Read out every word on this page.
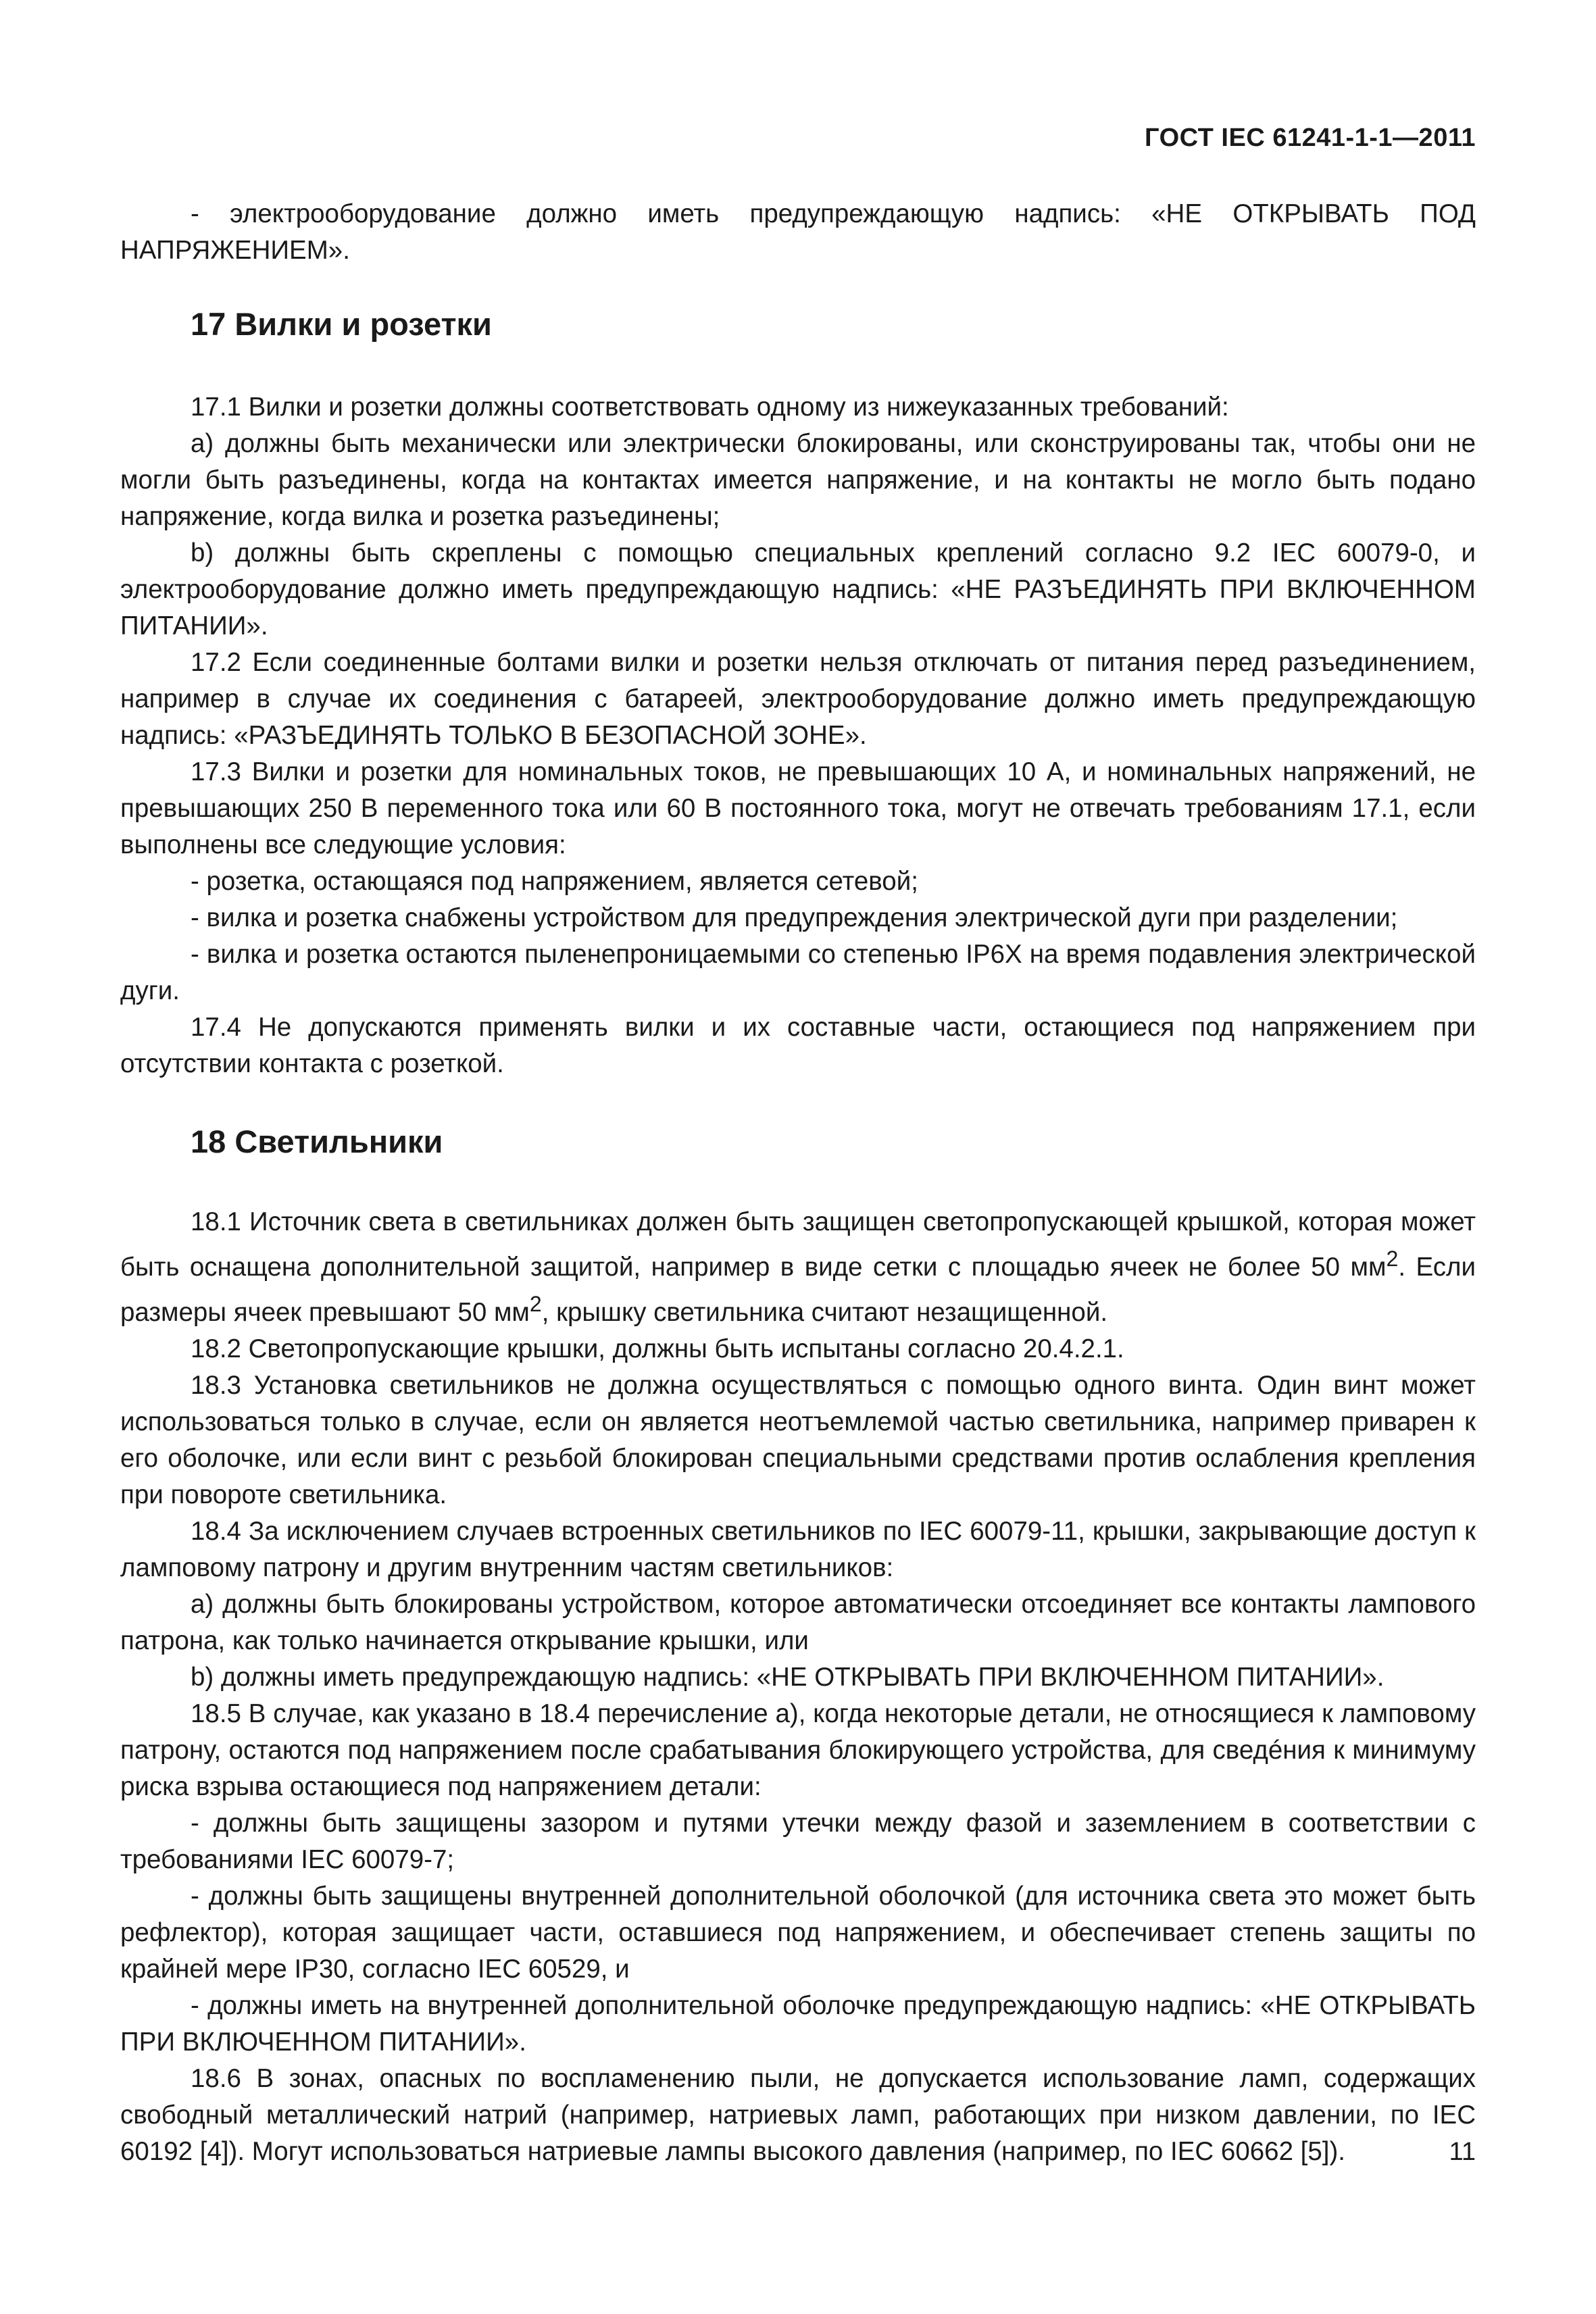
ГОСТ IEC 61241-1-1—2011

- электрооборудование должно иметь предупреждающую надпись: «НЕ ОТКРЫВАТЬ ПОД НАПРЯЖЕНИЕМ».

17 Вилки и розетки

17.1 Вилки и розетки должны соответствовать одному из нижеуказанных требований:

а) должны быть механически или электрически блокированы, или сконструированы так, чтобы они не могли быть разъединены, когда на контактах имеется напряжение, и на контакты не могло быть подано напряжение, когда вилка и розетка разъединены;

b) должны быть скреплены с помощью специальных креплений согласно 9.2 IEC 60079-0, и электрооборудование должно иметь предупреждающую надпись: «НЕ РАЗЪЕДИНЯТЬ ПРИ ВКЛЮЧЕННОМ ПИТАНИИ».

17.2 Если соединенные болтами вилки и розетки нельзя отключать от питания перед разъединением, например в случае их соединения с батареей, электрооборудование должно иметь предупреждающую надпись: «РАЗЪЕДИНЯТЬ ТОЛЬКО В БЕЗОПАСНОЙ ЗОНЕ».

17.3 Вилки и розетки для номинальных токов, не превышающих 10 А, и номинальных напряжений, не превышающих 250 В переменного тока или 60 В постоянного тока, могут не отвечать требованиям 17.1, если выполнены все следующие условия:

- розетка, остающаяся под напряжением, является сетевой;

- вилка и розетка снабжены устройством для предупреждения электрической дуги при разделении;

- вилка и розетка остаются пыленепроницаемыми со степенью IP6X на время подавления электрической дуги.

17.4 Не допускаются применять вилки и их составные части, остающиеся под напряжением при отсутствии контакта с розеткой.

18 Светильники

18.1 Источник света в светильниках должен быть защищен светопропускающей крышкой, которая может быть оснащена дополнительной защитой, например в виде сетки с площадью ячеек не более 50 $мм^2$. Если размеры ячеек превышают 50 $мм^2$, крышку светильника считают незащищенной.

18.2 Светопропускающие крышки, должны быть испытаны согласно 20.4.2.1.

18.3 Установка светильников не должна осуществляться с помощью одного винта. Один винт может использоваться только в случае, если он является неотъемлемой частью светильника, например приварен к его оболочке, или если винт с резьбой блокирован специальными средствами против ослабления крепления при повороте светильника.

18.4 За исключением случаев встроенных светильников по IEC 60079-11, крышки, закрывающие доступ к ламповому патрону и другим внутренним частям светильников:

а) должны быть блокированы устройством, которое автоматически отсоединяет все контакты лампового патрона, как только начинается открывание крышки, или

b) должны иметь предупреждающую надпись: «НЕ ОТКРЫВАТЬ ПРИ ВКЛЮЧЕННОМ ПИТАНИИ».

18.5 В случае, как указано в 18.4 перечисление а), когда некоторые детали, не относящиеся к ламповому патрону, остаются под напряжением после срабатывания блокирующего устройства, для сведéния к минимуму риска взрыва остающиеся под напряжением детали:

- должны быть защищены зазором и путями утечки между фазой и заземлением в соответствии с требованиями IEC 60079-7;

- должны быть защищены внутренней дополнительной оболочкой (для источника света это может быть рефлектор), которая защищает части, оставшиеся под напряжением, и обеспечивает степень защиты по крайней мере IP30, согласно IEC 60529, и

- должны иметь на внутренней дополнительной оболочке предупреждающую надпись: «НЕ ОТКРЫВАТЬ ПРИ ВКЛЮЧЕННОМ ПИТАНИИ».

18.6 В зонах, опасных по воспламенению пыли, не допускается использование ламп, содержащих свободный металлический натрий (например, натриевых ламп, работающих при низком давлении, по IEC 60192 [4]). Могут использоваться натриевые лампы высокого давления (например, по IEC 60662 [5]).	11
